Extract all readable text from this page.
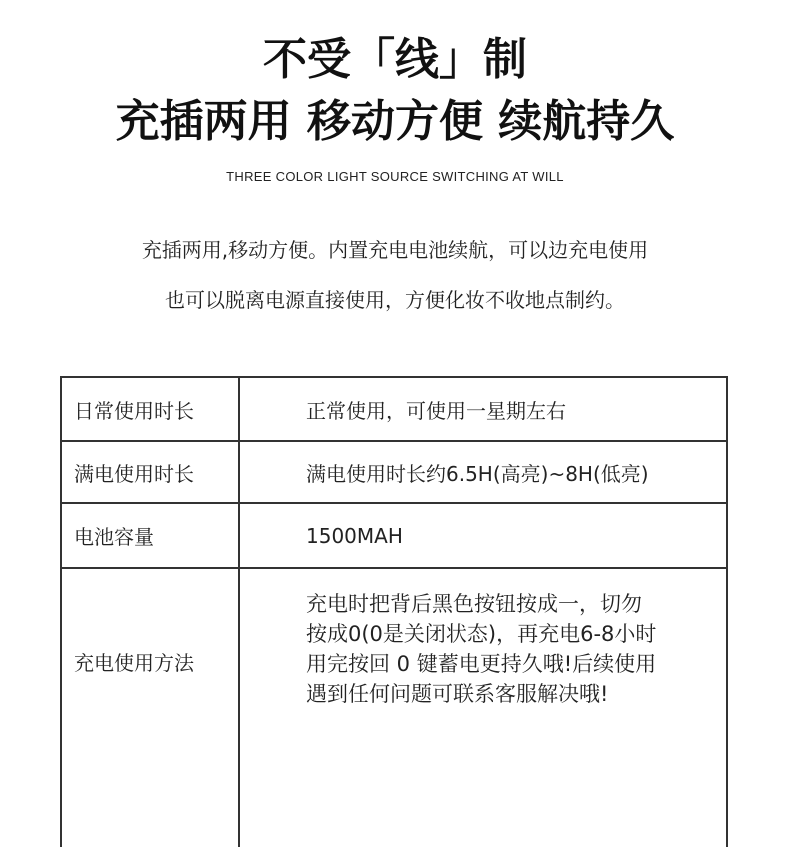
不受「线」制
充插两用 移动方便 续航持久
THREE COLOR LIGHT SOURCE SWITCHING AT WILL
充插两用,移动方便。内置充电电池续航，可以边充电使用
也可以脱离电源直接使用，方便化妆不收地点制约。
日常使用时长	正常使用，可使用一星期左右
满电使用时长	满电使用时长约6.5H(高亮)~8H(低亮)
电池容量	1500MAH
充电使用方法	充电时把背后黑色按钮按成一，切勿
按成0(0是关闭状态)，再充电6-8小时
用完按回 0 键蓄电更持久哦!后续使用
遇到任何问题可联系客服解决哦!
